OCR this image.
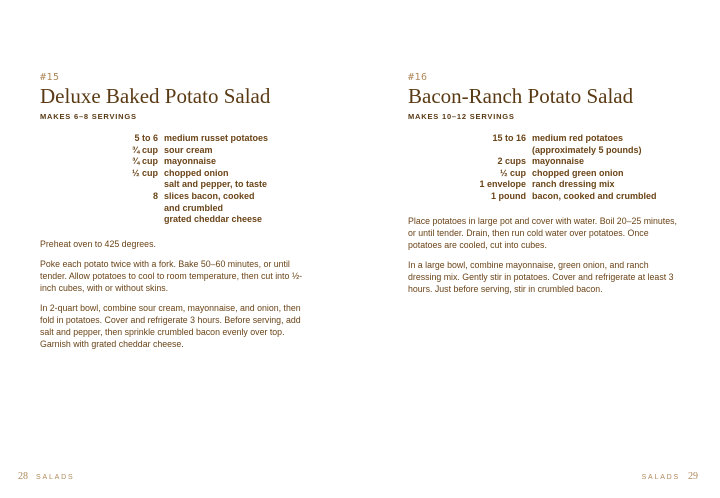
#15
Deluxe Baked Potato Salad
MAKES 6–8 SERVINGS
5 to 6 medium russet potatoes
¾ cup sour cream
¾ cup mayonnaise
½ cup chopped onion
salt and pepper, to taste
8 slices bacon, cooked
and crumbled
grated cheddar cheese

Preheat oven to 425 degrees.

Poke each potato twice with a fork. Bake 50–60 minutes, or until tender. Allow potatoes to cool to room temperature, then cut into ½-inch cubes, with or without skins.

In 2-quart bowl, combine sour cream, mayonnaise, and onion, then fold in potatoes. Cover and refrigerate 3 hours. Before serving, add salt and pepper, then sprinkle crumbled bacon evenly over top. Garnish with grated cheddar cheese.

28 SALADS
#16
Bacon-Ranch Potato Salad
MAKES 10–12 SERVINGS
15 to 16 medium red potatoes
(approximately 5 pounds)
2 cups mayonnaise
½ cup chopped green onion
1 envelope ranch dressing mix
1 pound bacon, cooked and crumbled

Place potatoes in large pot and cover with water. Boil 20–25 minutes, or until tender. Drain, then run cold water over potatoes. Once potatoes are cooled, cut into cubes.

In a large bowl, combine mayonnaise, green onion, and ranch dressing mix. Gently stir in potatoes. Cover and refrigerate at least 3 hours. Just before serving, stir in crumbled bacon.

SALADS 29
